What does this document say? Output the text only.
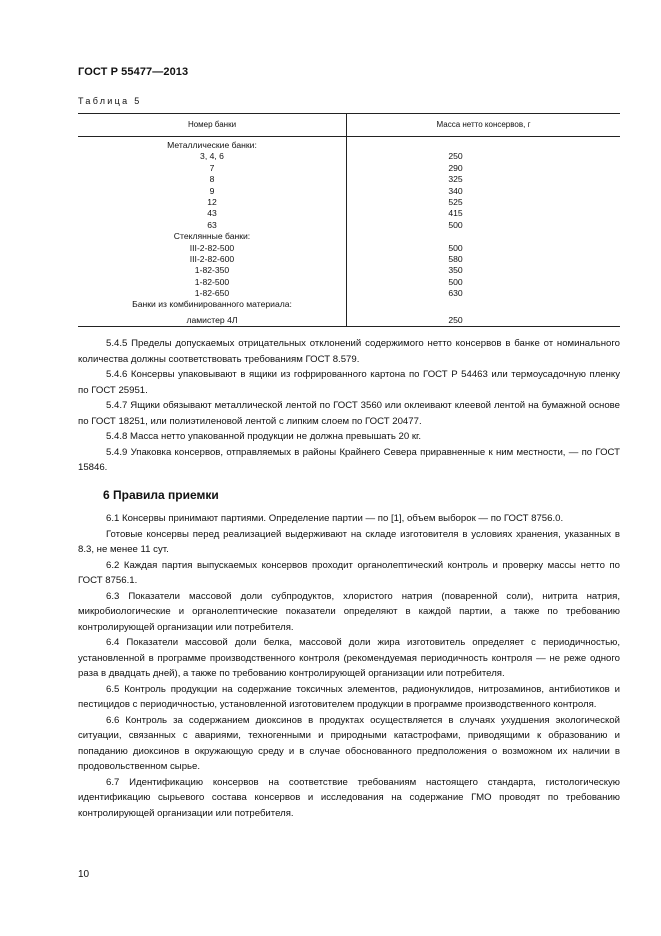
ГОСТ Р 55477—2013
Таблица 5
Номер банки	Масса нетто консервов, г
Металлические банки:
3, 4, 6	250
7	290
8	325
9	340
12	525
43	415
63	500
Стеклянные банки:
III-2-82-500	500
III-2-82-600	580
1-82-350	350
1-82-500	500
1-82-650	630
Банки из комбинированного материала:
ламистер 4Л	250

5.4.5 Пределы допускаемых отрицательных отклонений содержимого нетто консервов в банке от номинального количества должны соответствовать требованиям ГОСТ 8.579.

5.4.6 Консервы упаковывают в ящики из гофрированного картона по ГОСТ Р 54463 или термоусадочную пленку по ГОСТ 25951.

5.4.7 Ящики обязывают металлической лентой по ГОСТ 3560 или оклеивают клеевой лентой на бумажной основе по ГОСТ 18251, или полиэтиленовой лентой с липким слоем по ГОСТ 20477.

5.4.8 Масса нетто упакованной продукции не должна превышать 20 кг.

5.4.9 Упаковка консервов, отправляемых в районы Крайнего Севера приравненные к ним местности, — по ГОСТ 15846.

6 Правила приемки

6.1 Консервы принимают партиями. Определение партии — по [1], объем выборок — по ГОСТ 8756.0.

Готовые консервы перед реализацией выдерживают на складе изготовителя в условиях хранения, указанных в 8.3, не менее 11 сут.

6.2 Каждая партия выпускаемых консервов проходит органолептический контроль и проверку массы нетто по ГОСТ 8756.1.

6.3 Показатели массовой доли субпродуктов, хлористого натрия (поваренной соли), нитрита натрия, микробиологические и органолептические показатели определяют в каждой партии, а также по требованию контролирующей организации или потребителя.

6.4 Показатели массовой доли белка, массовой доли жира изготовитель определяет с периодичностью, установленной в программе производственного контроля (рекомендуемая периодичность контроля — не реже одного раза в двадцать дней), а также по требованию контролирующей организации или потребителя.

6.5 Контроль продукции на содержание токсичных элементов, радионуклидов, нитрозаминов, антибиотиков и пестицидов с периодичностью, установленной изготовителем продукции в программе производственного контроля.

6.6 Контроль за содержанием диоксинов в продуктах осуществляется в случаях ухудшения экологической ситуации, связанных с авариями, техногенными и природными катастрофами, приводящими к образованию и попаданию диоксинов в окружающую среду и в случае обоснованного предположения о возможном их наличии в продовольственном сырье.

6.7 Идентификацию консервов на соответствие требованиям настоящего стандарта, гистологическую идентификацию сырьевого состава консервов и исследования на содержание ГМО проводят по требованию контролирующей организации или потребителя.

10
